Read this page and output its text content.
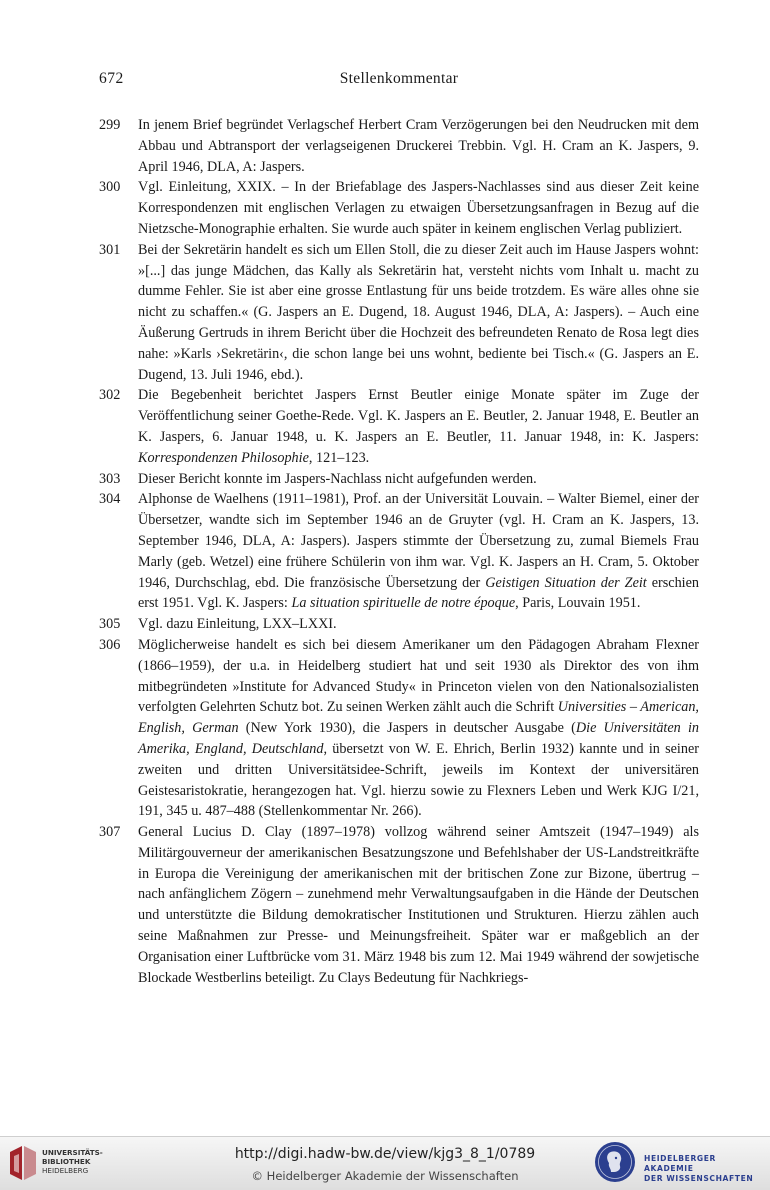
672	Stellenkommentar
299 In jenem Brief begründet Verlagschef Herbert Cram Verzögerungen bei den Neudrucken mit dem Abbau und Abtransport der verlagseigenen Druckerei Trebbin. Vgl. H. Cram an K. Jaspers, 9. April 1946, DLA, A: Jaspers.
300 Vgl. Einleitung, XXIX. – In der Briefablage des Jaspers-Nachlasses sind aus dieser Zeit keine Korrespondenzen mit englischen Verlagen zu etwaigen Übersetzungsanfragen in Bezug auf die Nietzsche-Monographie erhalten. Sie wurde auch später in keinem englischen Verlag publiziert.
301 Bei der Sekretärin handelt es sich um Ellen Stoll, die zu dieser Zeit auch im Hause Jaspers wohnt: »[...] das junge Mädchen, das Kally als Sekretärin hat, versteht nichts vom Inhalt u. macht zu dumme Fehler. Sie ist aber eine grosse Entlastung für uns beide trotzdem. Es wäre alles ohne sie nicht zu schaffen.« (G. Jaspers an E. Dugend, 18. August 1946, DLA, A: Jaspers). – Auch eine Äußerung Gertruds in ihrem Bericht über die Hochzeit des befreundeten Renato de Rosa legt dies nahe: »Karls ›Sekretärin‹, die schon lange bei uns wohnt, bediente bei Tisch.« (G. Jaspers an E. Dugend, 13. Juli 1946, ebd.).
302 Die Begebenheit berichtet Jaspers Ernst Beutler einige Monate später im Zuge der Veröffentlichung seiner Goethe-Rede. Vgl. K. Jaspers an E. Beutler, 2. Januar 1948, E. Beutler an K. Jaspers, 6. Januar 1948, u. K. Jaspers an E. Beutler, 11. Januar 1948, in: K. Jaspers: Korrespondenzen Philosophie, 121–123.
303 Dieser Bericht konnte im Jaspers-Nachlass nicht aufgefunden werden.
304 Alphonse de Waelhens (1911–1981), Prof. an der Universität Louvain. – Walter Biemel, einer der Übersetzer, wandte sich im September 1946 an de Gruyter (vgl. H. Cram an K. Jaspers, 13. September 1946, DLA, A: Jaspers). Jaspers stimmte der Übersetzung zu, zumal Biemels Frau Marly (geb. Wetzel) eine frühere Schülerin von ihm war. Vgl. K. Jaspers an H. Cram, 5. Oktober 1946, Durchschlag, ebd. Die französische Übersetzung der Geistigen Situation der Zeit erschien erst 1951. Vgl. K. Jaspers: La situation spirituelle de notre époque, Paris, Louvain 1951.
305 Vgl. dazu Einleitung, LXX–LXXI.
306 Möglicherweise handelt es sich bei diesem Amerikaner um den Pädagogen Abraham Flexner (1866–1959), der u.a. in Heidelberg studiert hat und seit 1930 als Direktor des von ihm mitbegründeten »Institute for Advanced Study« in Princeton vielen von den Nationalsozialisten verfolgten Gelehrten Schutz bot. Zu seinen Werken zählt auch die Schrift Universities – American, English, German (New York 1930), die Jaspers in deutscher Ausgabe (Die Universitäten in Amerika, England, Deutschland, übersetzt von W. E. Ehrich, Berlin 1932) kannte und in seiner zweiten und dritten Universitätsidee-Schrift, jeweils im Kontext der universitären Geistesaristokratie, herangezogen hat. Vgl. hierzu sowie zu Flexners Leben und Werk KJG I/21, 191, 345 u. 487–488 (Stellenkommentar Nr. 266).
307 General Lucius D. Clay (1897–1978) vollzog während seiner Amtszeit (1947–1949) als Militärgouverneur der amerikanischen Besatzungszone und Befehlshaber der US-Landstreitkräfte in Europa die Vereinigung der amerikanischen mit der britischen Zone zur Bizone, übertrug – nach anfänglichem Zögern – zunehmend mehr Verwaltungsaufgaben in die Hände der Deutschen und unterstützte die Bildung demokratischer Institutionen und Strukturen. Hierzu zählen auch seine Maßnahmen zur Presse- und Meinungsfreiheit. Später war er maßgeblich an der Organisation einer Luftbrücke vom 31. März 1948 bis zum 12. Mai 1949 während der sowjetische Blockade Westberlins beteiligt. Zu Clays Bedeutung für Nachkriegs-
UNIVERSITÄTS-
BIBLIOTHEK
HEIDELBERG
http://digi.hadw-bw.de/view/kjg3_8_1/0789
© Heidelberger Akademie der Wissenschaften
HEIDELBERGER AKADEMIE
DER WISSENSCHAFTEN
